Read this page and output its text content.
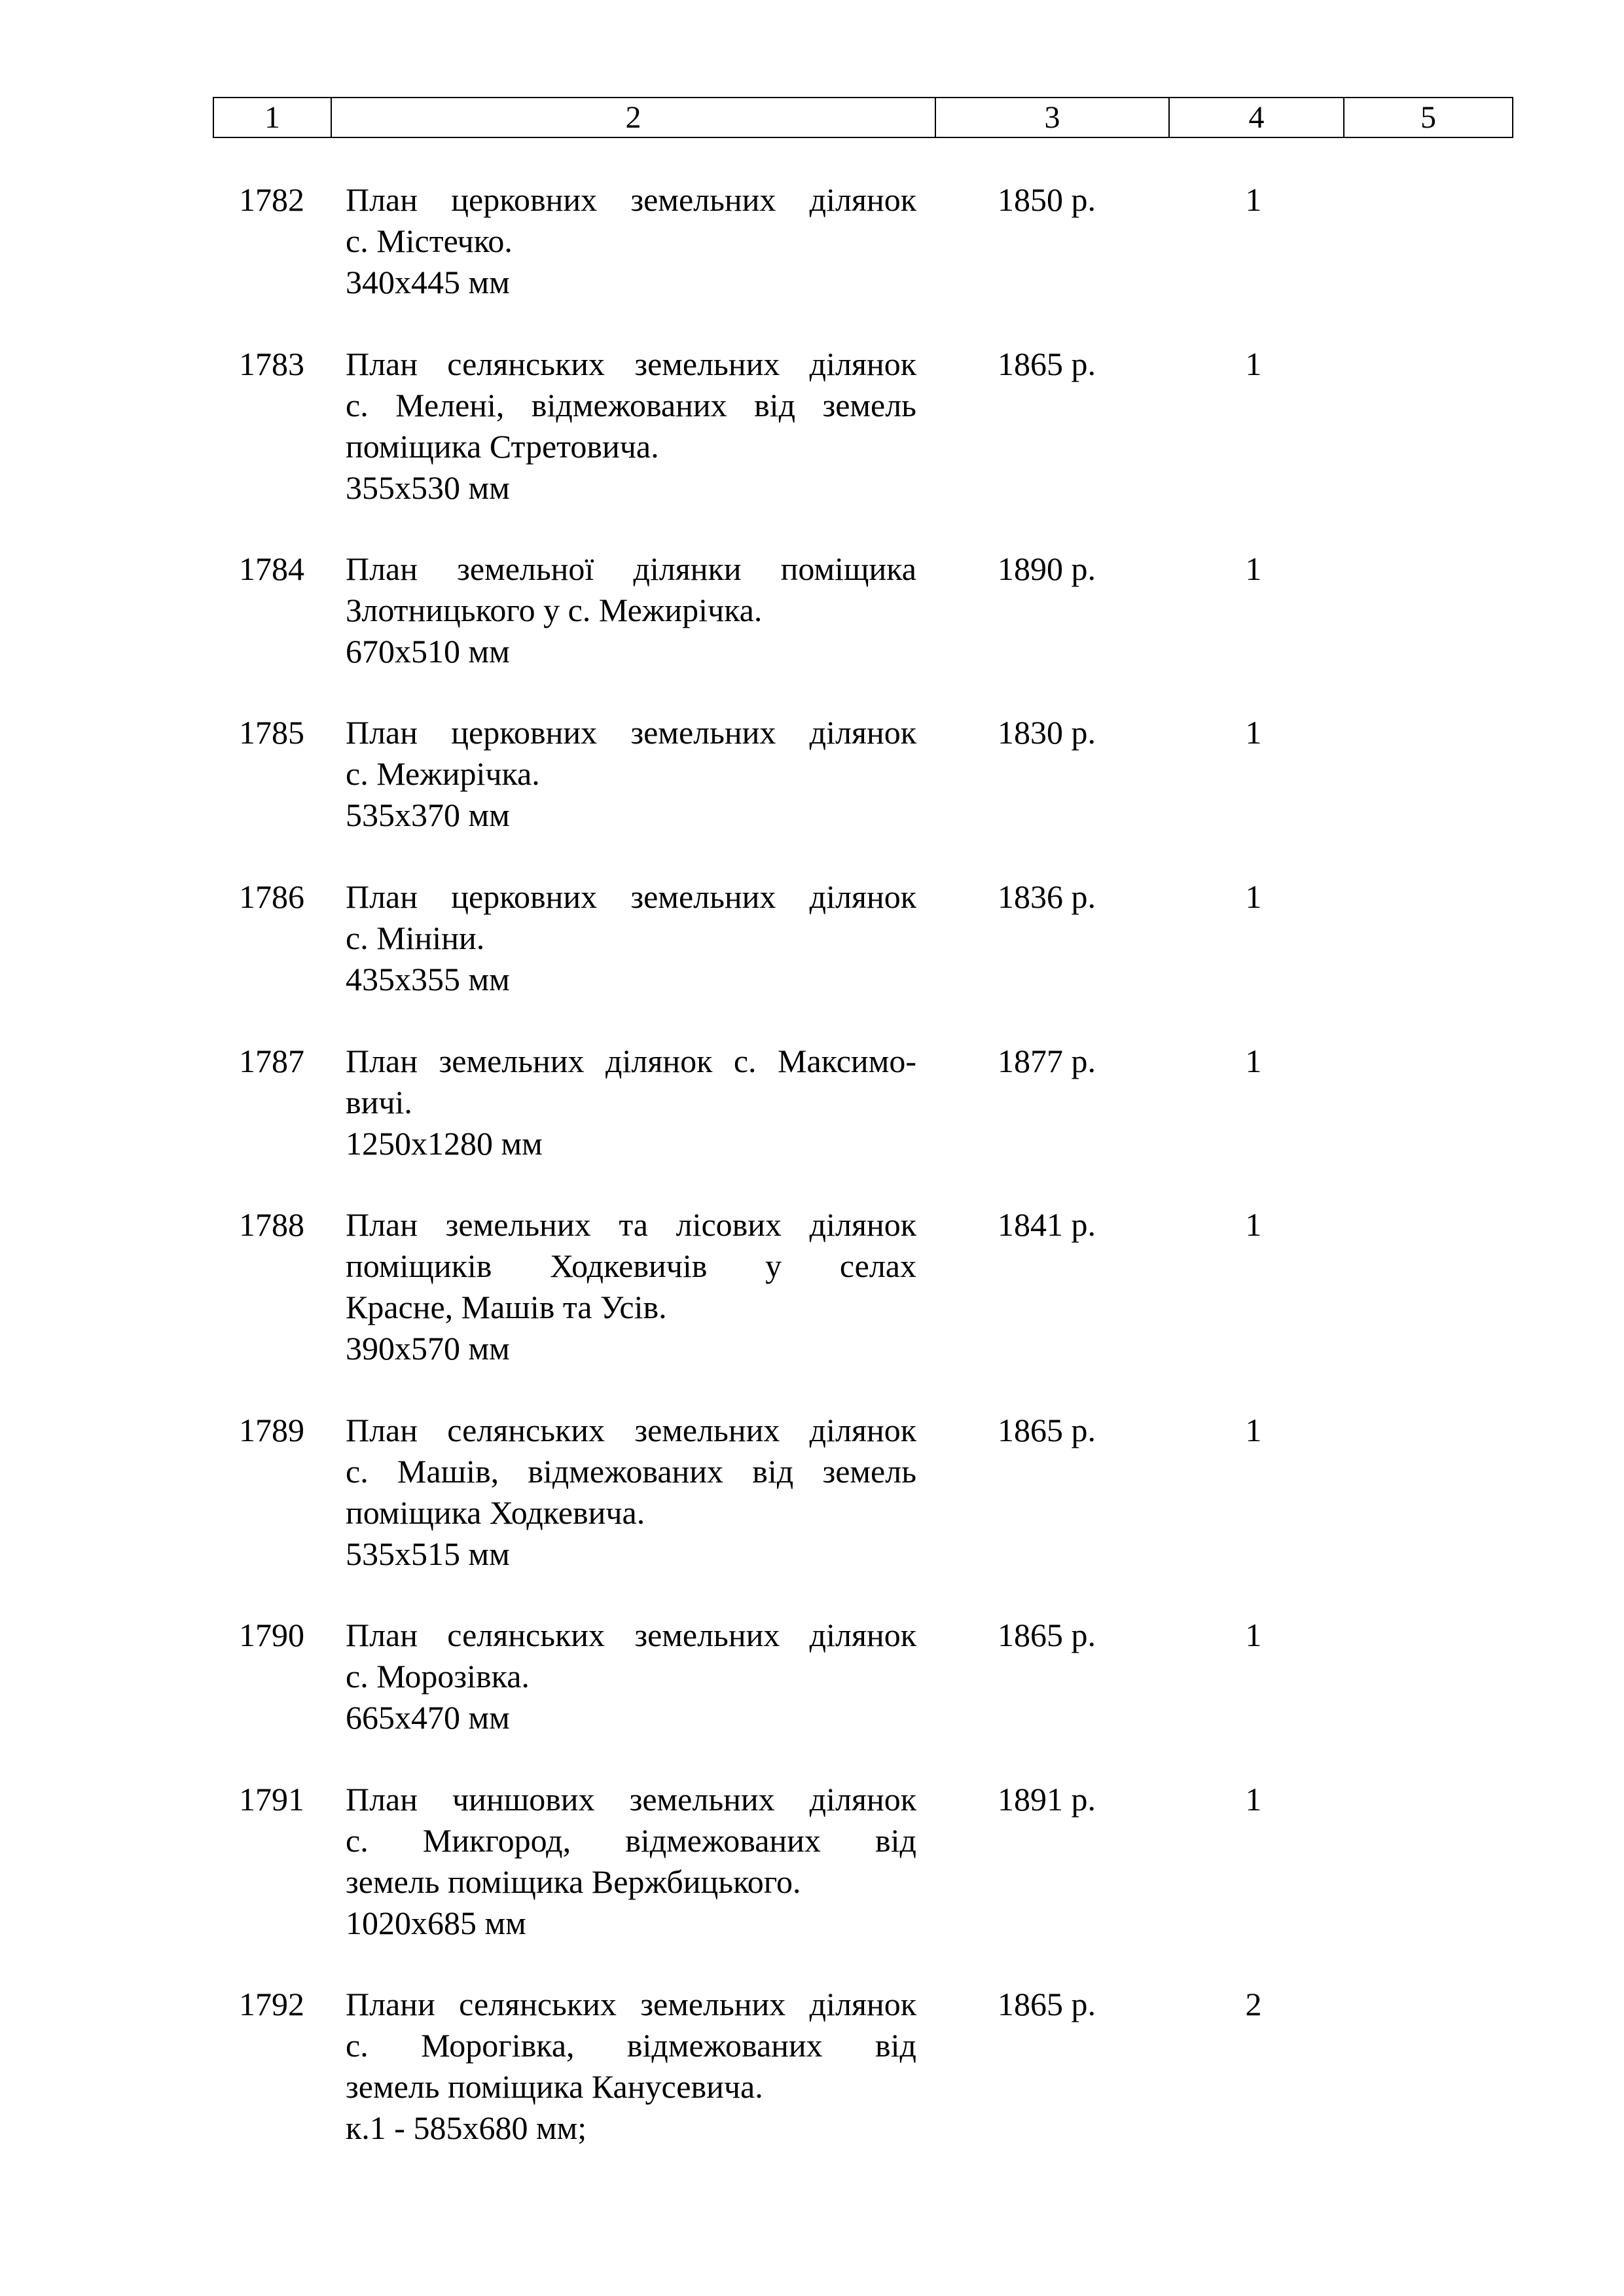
1	2	3	4	5
1782 План церковних земельних ділянок
с. Містечко.
340х445 мм
1850 р.	1
1783 План селянських земельних ділянок
с. Мелені, відмежованих від земель
поміщика Стретовича.
355х530 мм
1865 р.	1
1784 План земельної ділянки поміщика
Злотницького у с. Межирічка.
670х510 мм
1890 р.	1
1785 План церковних земельних ділянок
с. Межирічка.
535х370 мм
1830 р.	1
1786 План церковних земельних ділянок
с. Мініни.
435х355 мм
1836 р.	1
1787 План земельних ділянок с. Максимо-
вичі.
1250х1280 мм
1877 р.	1
1788 План земельних та лісових ділянок
поміщиків Ходкевичів у селах
Красне, Машів та Усів.
390х570 мм
1841 р.	1
1789 План селянських земельних ділянок
с. Машів, відмежованих від земель
поміщика Ходкевича.
535х515 мм
1865 р.	1
1790 План селянських земельних ділянок
с. Морозівка.
665х470 мм
1865 р.	1
1791 План чиншових земельних ділянок
с. Микгород, відмежованих від
земель поміщика Вержбицького.
1020х685 мм
1891 р.	1
1792 Плани селянських земельних ділянок
с. Морогівка, відмежованих від
земель поміщика Канусевича.
к.1 - 585х680 мм;
1865 р.	2
